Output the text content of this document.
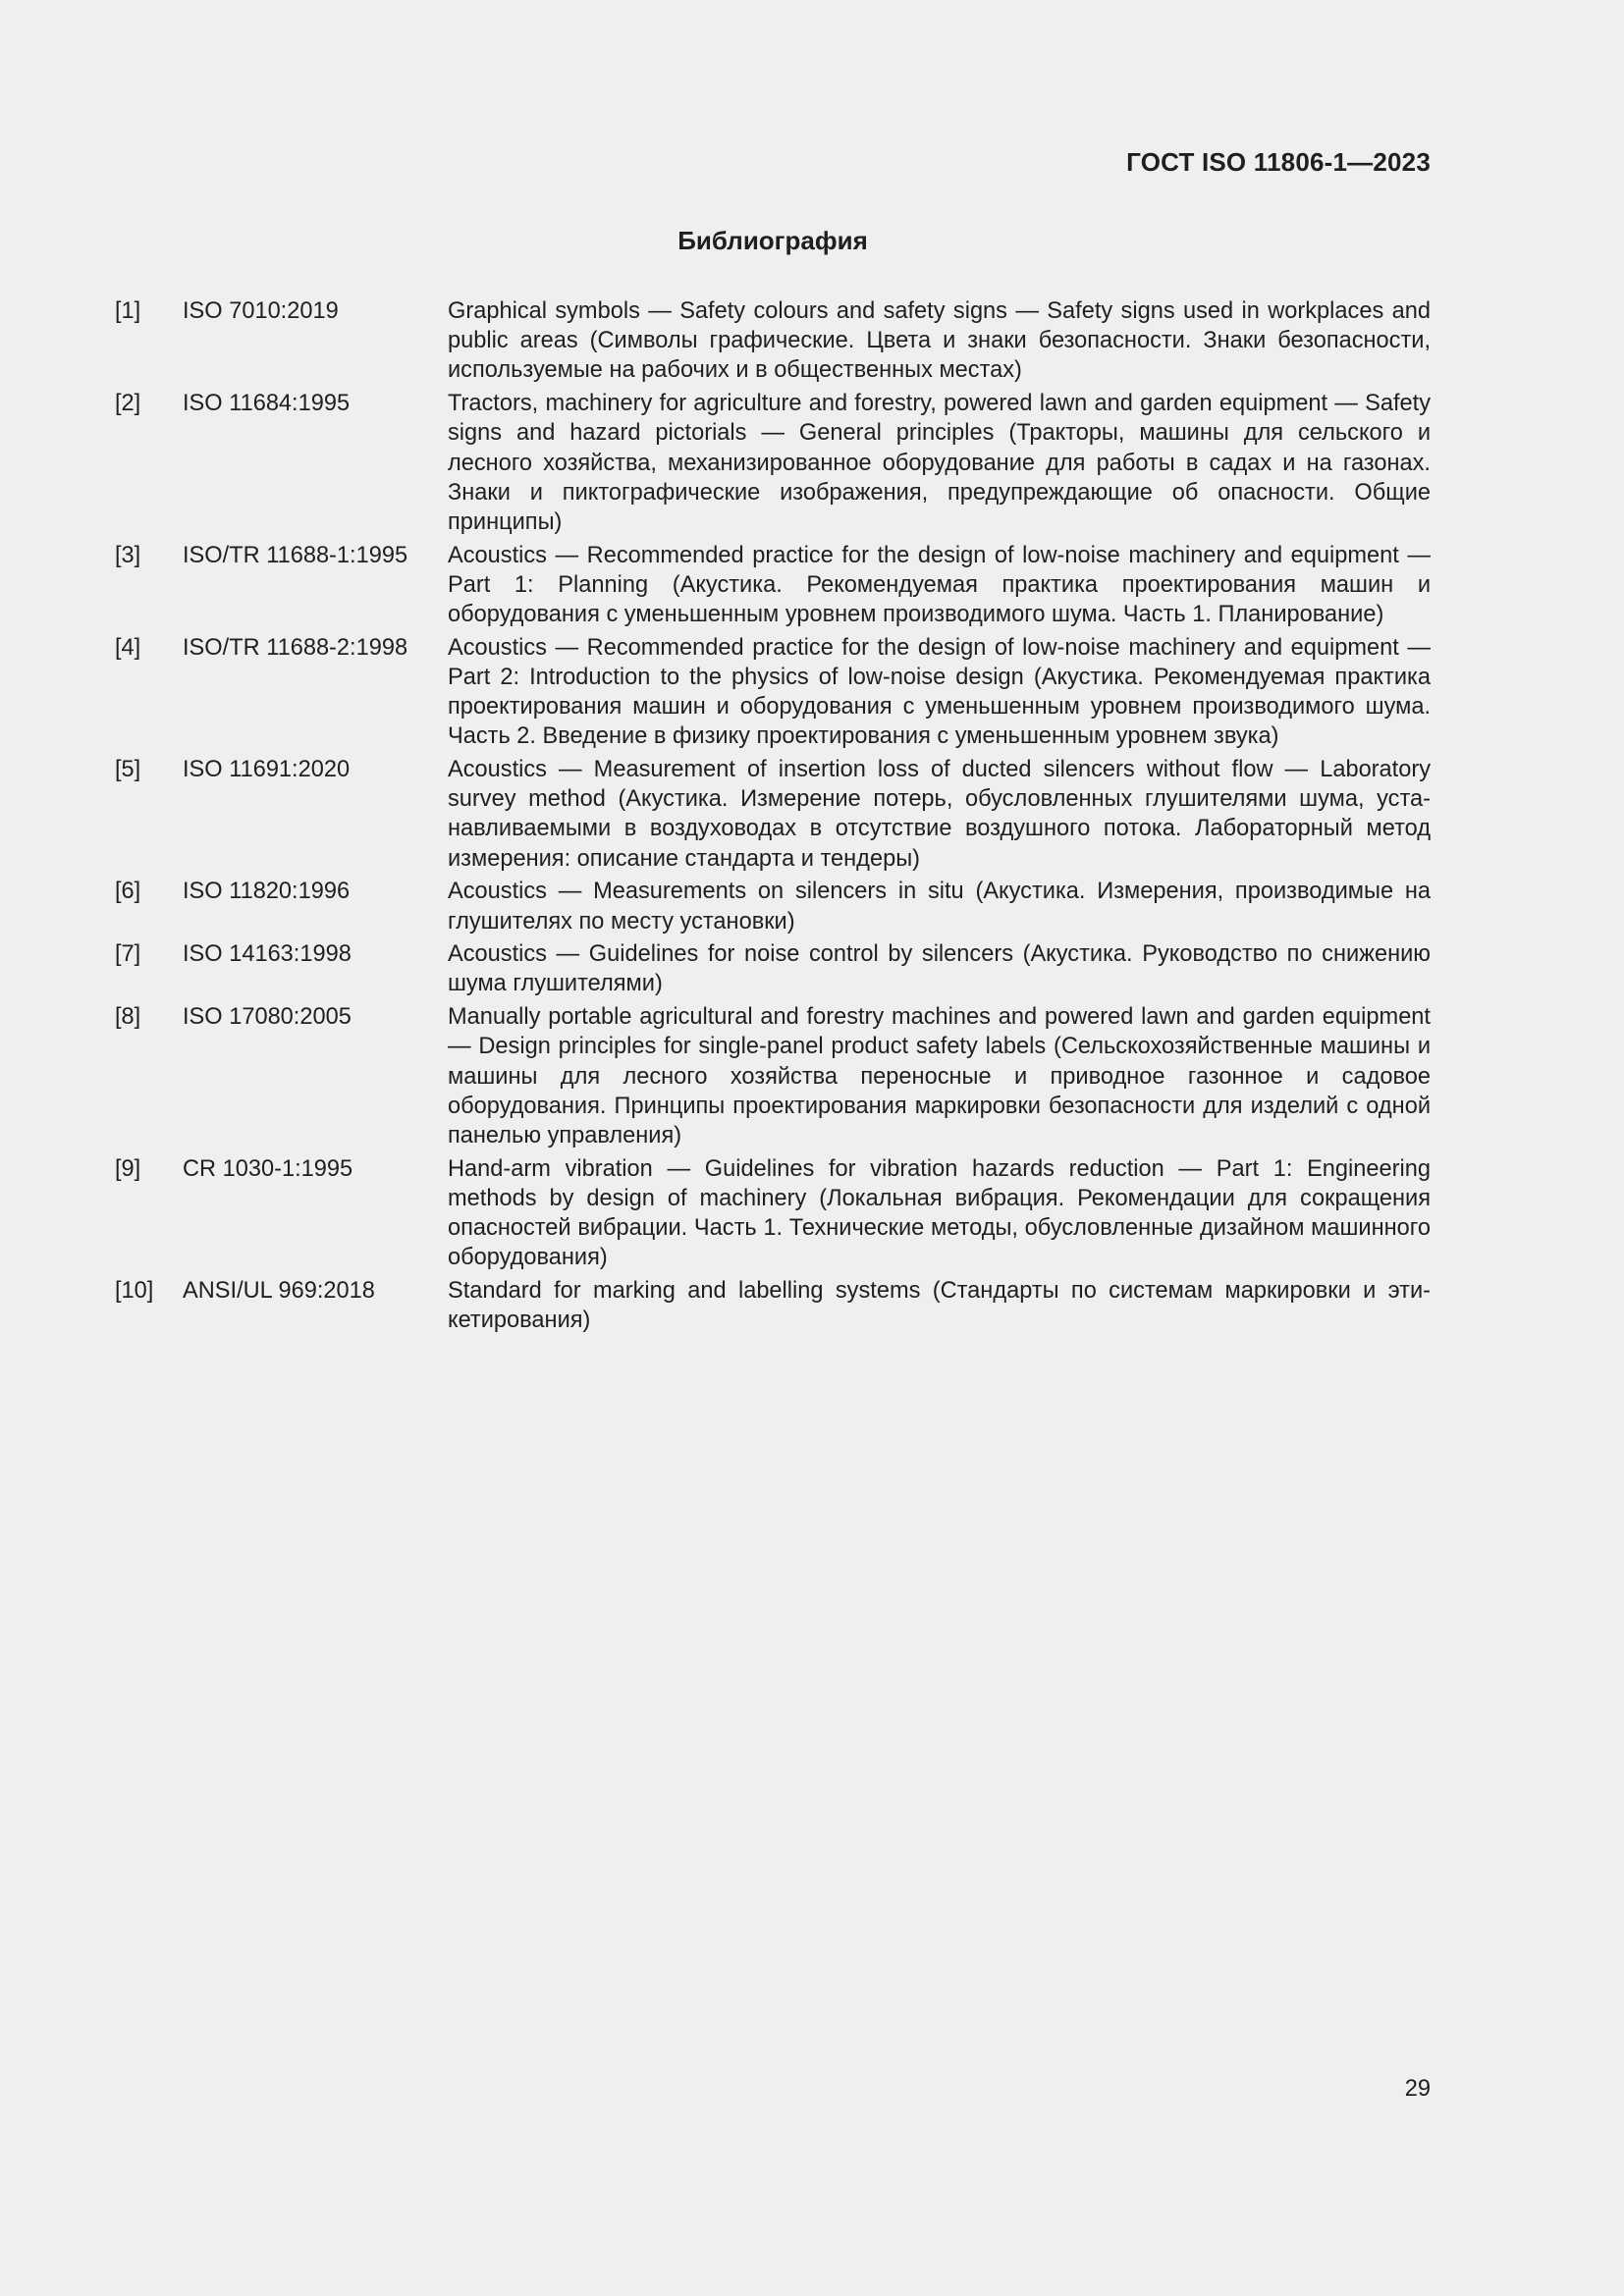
ГОСТ ISO 11806-1—2023
Библиография
[1]	ISO 7010:2019	Graphical symbols — Safety colours and safety signs — Safety signs used in workplaces and public areas (Символы графические. Цвета и знаки безопасности. Знаки безопасности, используемые на рабочих и в общественных местах)
[2]	ISO 11684:1995	Tractors, machinery for agriculture and forestry, powered lawn and garden equipment — Safety signs and hazard pictorials — General principles (Тракторы, машины для сельского и лесного хозяйства, механизированное оборудование для работы в садах и на газонах. Знаки и пиктографические изображения, предупреждающие об опасности. Общие принципы)
[3]	ISO/TR 11688-1:1995	Acoustics — Recommended practice for the design of low-noise machinery and equipment — Part 1: Planning (Акустика. Рекомендуемая практика проектирования машин и оборудования с уменьшенным уровнем производимого шума. Часть 1. Планирование)
[4]	ISO/TR 11688-2:1998	Acoustics — Recommended practice for the design of low-noise machinery and equipment — Part 2: Introduction to the physics of low-noise design (Акустика. Рекомендуемая практика проектирования машин и оборудования с уменьшенным уровнем производимого шума. Часть 2. Введение в физику проектирования с уменьшенным уровнем звука)
[5]	ISO 11691:2020	Acoustics — Measurement of insertion loss of ducted silencers without flow — Laboratory survey method (Акустика. Измерение потерь, обусловленных глушителями шума, устанавливаемыми в воздуховодах в отсутствие воздушного потока. Лабораторный метод измерения: описание стандарта и тендеры)
[6]	ISO 11820:1996	Acoustics — Measurements on silencers in situ (Акустика. Измерения, производимые на глушителях по месту установки)
[7]	ISO 14163:1998	Acoustics — Guidelines for noise control by silencers (Акустика. Руководство по снижению шума глушителями)
[8]	ISO 17080:2005	Manually portable agricultural and forestry machines and powered lawn and garden equipment — Design principles for single-panel product safety labels (Сельскохозяйственные машины и машины для лесного хозяйства переносные и приводное газонное и садовое оборудования. Принципы проектирования маркировки безопасности для изделий с одной панелью управления)
[9]	CR 1030-1:1995	Hand-arm vibration — Guidelines for vibration hazards reduction — Part 1: Engineering methods by design of machinery (Локальная вибрация. Рекомендации для сокращения опасностей вибрации. Часть 1. Технические методы, обусловленные дизайном машинного оборудования)
[10]	ANSI/UL 969:2018	Standard for marking and labelling systems (Стандарты по системам маркировки и этикетирования)
29
